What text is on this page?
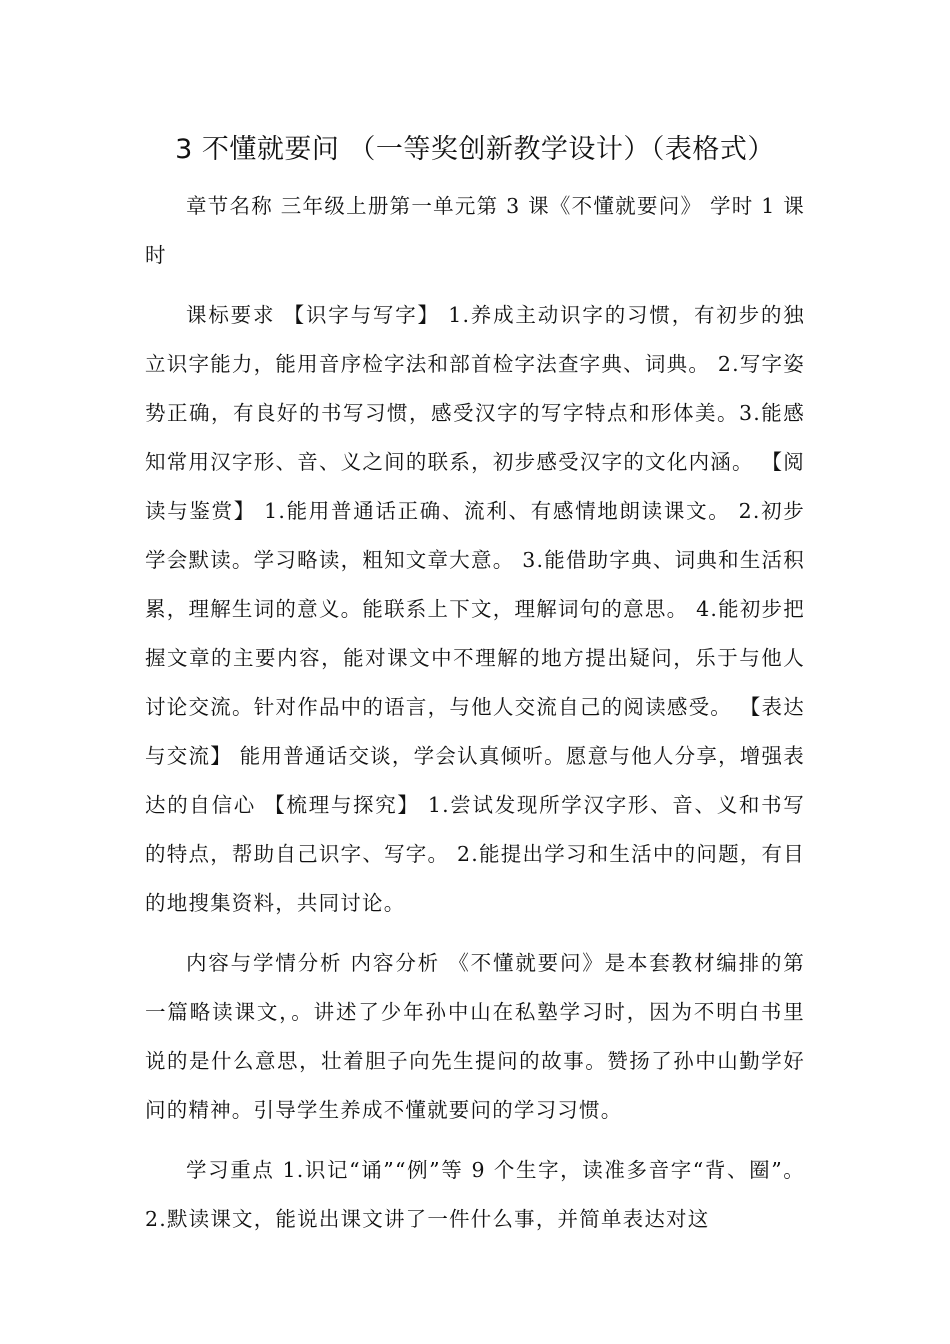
3 不懂就要问 （一等奖创新教学设计）（表格式）

章节名称 三年级上册第一单元第 3 课《不懂就要问》 学时 1 课时

课标要求 【识字与写字】 1.养成主动识字的习惯，有初步的独立识字能力，能用音序检字法和部首检字法查字典、词典。 2.写字姿势正确，有良好的书写习惯，感受汉字的写字特点和形体美。3.能感知常用汉字形、音、义之间的联系，初步感受汉字的文化内涵。 【阅读与鉴赏】 1.能用普通话正确、流利、有感情地朗读课文。 2.初步学会默读。学习略读，粗知文章大意。 3.能借助字典、词典和生活积累，理解生词的意义。能联系上下文，理解词句的意思。 4.能初步把握文章的主要内容，能对课文中不理解的地方提出疑问，乐于与他人讨论交流。针对作品中的语言，与他人交流自己的阅读感受。 【表达与交流】 能用普通话交谈，学会认真倾听。愿意与他人分享，增强表达的自信心 【梳理与探究】 1.尝试发现所学汉字形、音、义和书写的特点，帮助自己识字、写字。 2.能提出学习和生活中的问题，有目的地搜集资料，共同讨论。

内容与学情分析 内容分析 《不懂就要问》是本套教材编排的第一篇略读课文，。讲述了少年孙中山在私塾学习时，因为不明白书里说的是什么意思，壮着胆子向先生提问的故事。赞扬了孙中山勤学好问的精神。引导学生养成不懂就要问的学习习惯。

学习重点 1.识记“诵”“例”等 9 个生字，读准多音字“背、圈”。 2.默读课文，能说出课文讲了一件什么事，并简单表达对这
